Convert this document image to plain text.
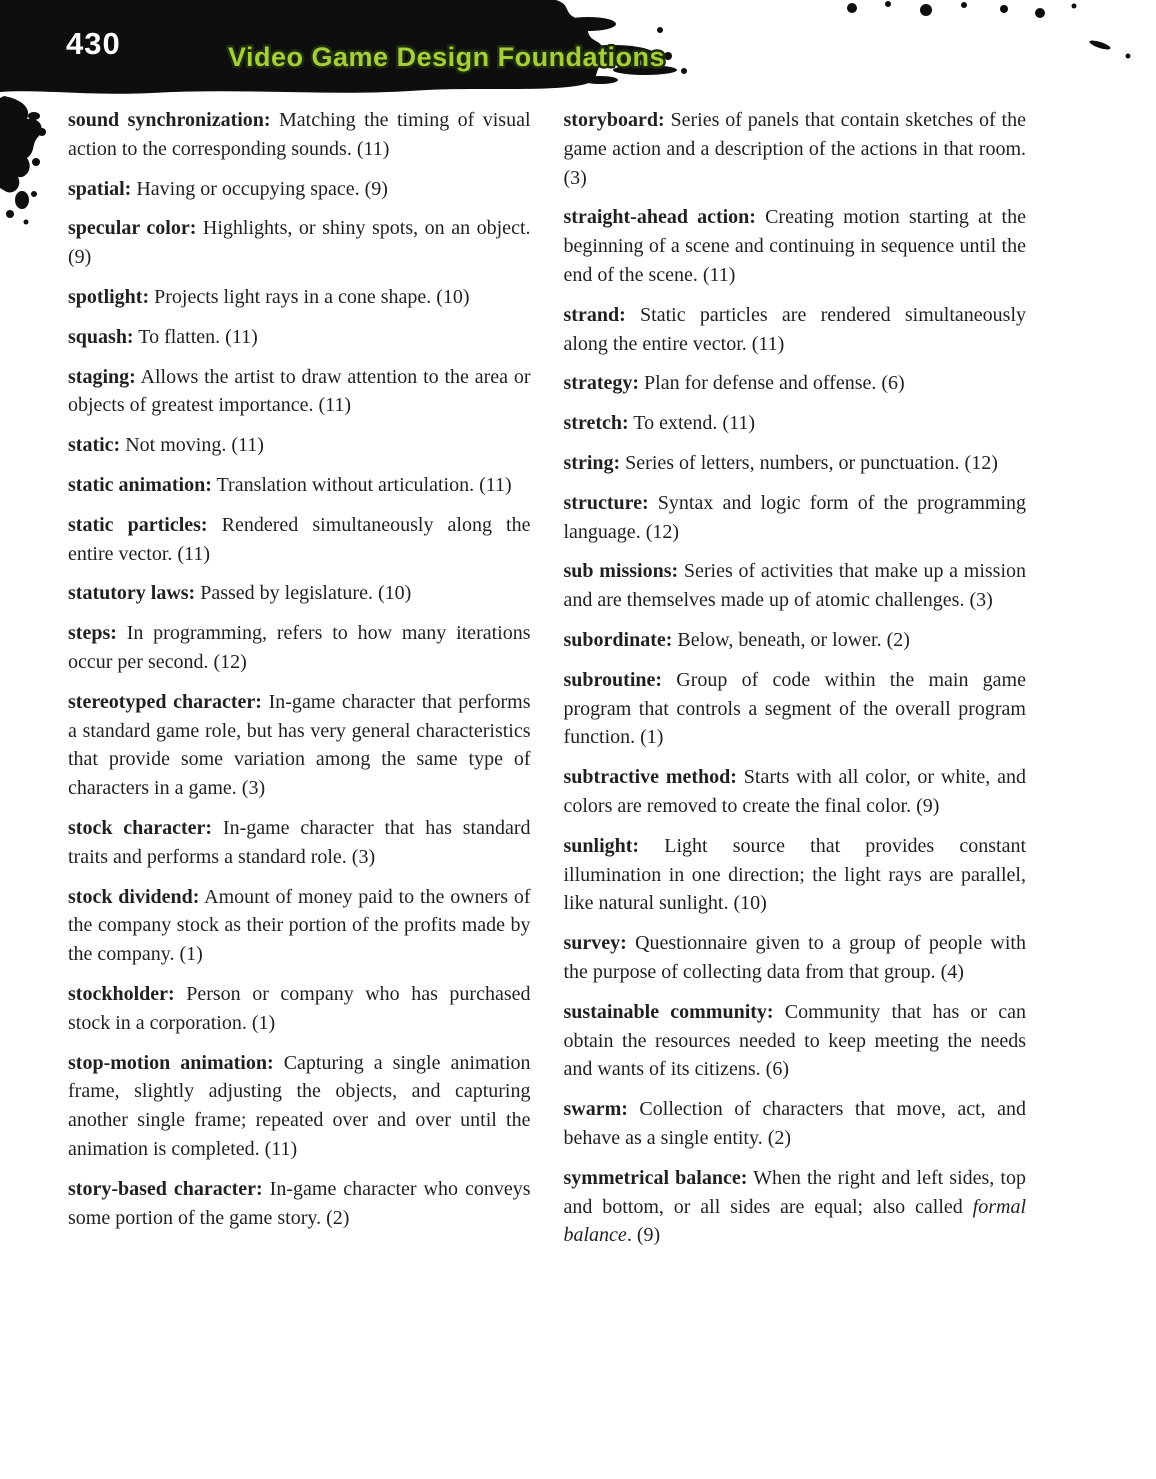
Video Game Design Foundations
430

sound synchronization: Matching the timing of visual action to the corresponding sounds. (11)

spatial: Having or occupying space. (9)

specular color: Highlights, or shiny spots, on an object. (9)

spotlight: Projects light rays in a cone shape. (10)

squash: To flatten. (11)

staging: Allows the artist to draw attention to the area or objects of greatest importance. (11)

static: Not moving. (11)

static animation: Translation without articulation. (11)

static particles: Rendered simultaneously along the entire vector. (11)

statutory laws: Passed by legislature. (10)

steps: In programming, refers to how many iterations occur per second. (12)

stereotyped character: In-game character that performs a standard game role, but has very general characteristics that provide some variation among the same type of characters in a game. (3)

stock character: In-game character that has standard traits and performs a standard role. (3)

stock dividend: Amount of money paid to the owners of the company stock as their portion of the profits made by the company. (1)

stockholder: Person or company who has purchased stock in a corporation. (1)

stop-motion animation: Capturing a single animation frame, slightly adjusting the objects, and capturing another single frame; repeated over and over until the animation is completed. (11)

story-based character: In-game character who conveys some portion of the game story. (2)

storyboard: Series of panels that contain sketches of the game action and a description of the actions in that room. (3)

straight-ahead action: Creating motion starting at the beginning of a scene and continuing in sequence until the end of the scene. (11)

strand: Static particles are rendered simultaneously along the entire vector. (11)

strategy: Plan for defense and offense. (6)

stretch: To extend. (11)

string: Series of letters, numbers, or punctuation. (12)

structure: Syntax and logic form of the programming language. (12)

sub missions: Series of activities that make up a mission and are themselves made up of atomic challenges. (3)

subordinate: Below, beneath, or lower. (2)

subroutine: Group of code within the main game program that controls a segment of the overall program function. (1)

subtractive method: Starts with all color, or white, and colors are removed to create the final color. (9)

sunlight: Light source that provides constant illumination in one direction; the light rays are parallel, like natural sunlight. (10)

survey: Questionnaire given to a group of people with the purpose of collecting data from that group. (4)

sustainable community: Community that has or can obtain the resources needed to keep meeting the needs and wants of its citizens. (6)

swarm: Collection of characters that move, act, and behave as a single entity. (2)

symmetrical balance: When the right and left sides, top and bottom, or all sides are equal; also called formal balance. (9)
